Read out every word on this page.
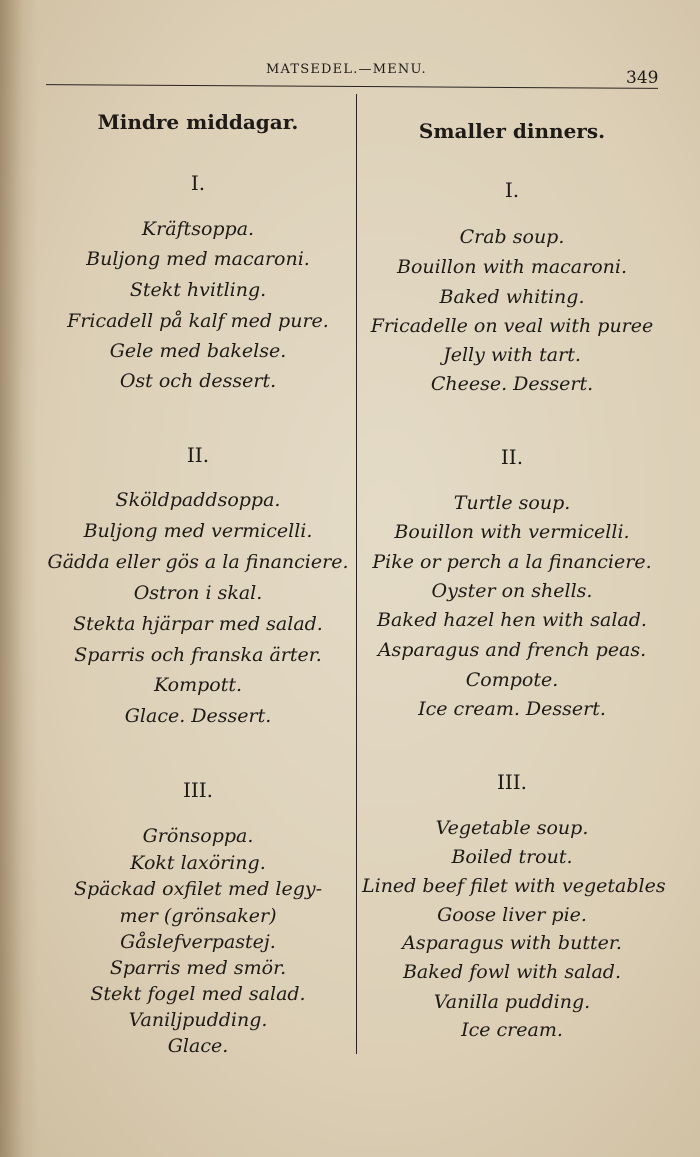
MATSEDEL.—MENU.	349
Mindre middagar.
I.
Kräftsoppa.
Buljong med macaroni.
Stekt hvitling.
Fricadell på kalf med pure.
Gele med bakelse.
Ost och dessert.
II.
Sköldpaddsoppa.
Buljong med vermicelli.
Gädda eller gös a la financiere.
Ostron i skal.
Stekta hjärpar med salad.
Sparris och franska ärter.
Kompott.
Glace. Dessert.
III.
Grönsoppa.
Kokt laxöring.
Späckad oxfilet med legy-
mer (grönsaker)
Gåslefverpastej.
Sparris med smör.
Stekt fogel med salad.
Vaniljpudding.
Glace.
Smaller dinners.
I.
Crab soup.
Bouillon with macaroni.
Baked whiting.
Fricadelle on veal with puree
Jelly with tart.
Cheese. Dessert.
II.
Turtle soup.
Bouillon with vermicelli.
Pike or perch a la financiere.
Oyster on shells.
Baked hazel hen with salad.
Asparagus and french peas.
Compote.
Ice cream. Dessert.
III.
Vegetable soup.
Boiled trout.
Lined beef filet with vegetables
Goose liver pie.
Asparagus with butter.
Baked fowl with salad.
Vanilla pudding.
Ice cream.
